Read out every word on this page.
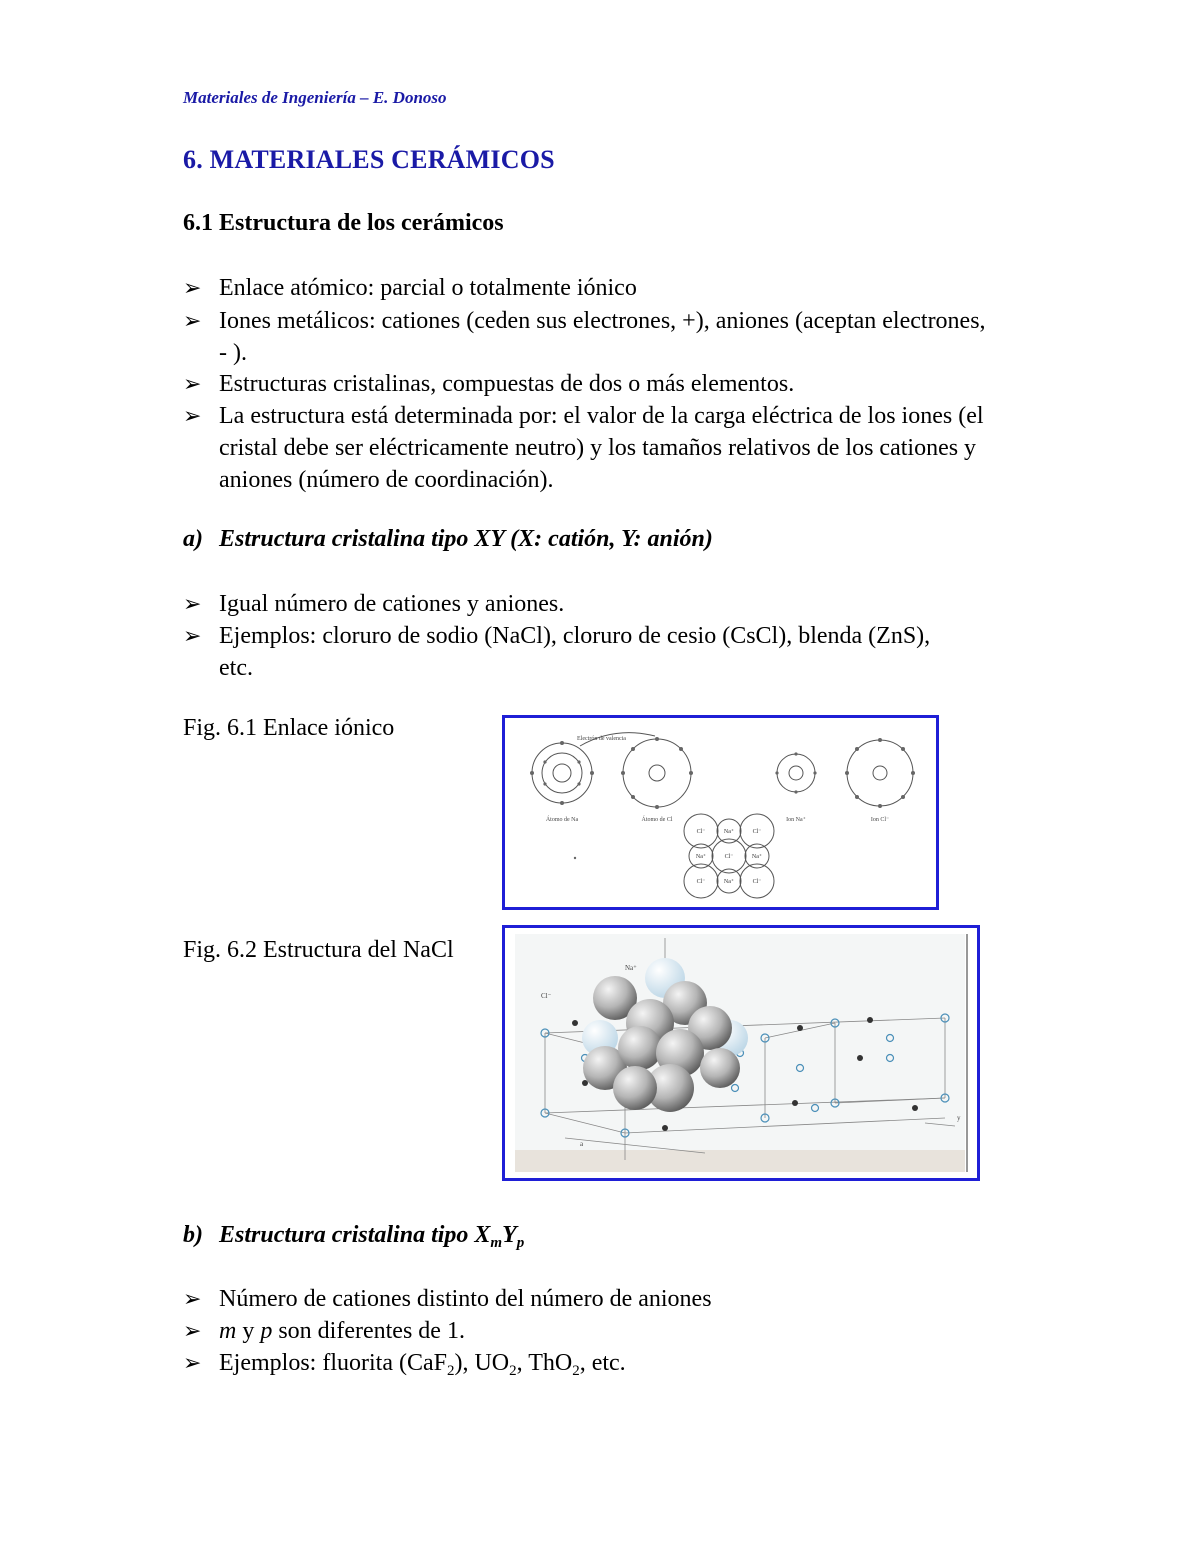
Materiales de Ingeniería – E. Donoso
6. MATERIALES CERÁMICOS
6.1 Estructura de los cerámicos
➢ Enlace atómico: parcial o totalmente iónico
➢ Iones metálicos: cationes (ceden sus electrones, +), aniones (aceptan electrones, - ).
➢ Estructuras cristalinas, compuestas de dos o más elementos.
➢ La estructura está determinada por: el valor de la carga eléctrica de los iones (el cristal debe ser eléctricamente neutro) y los tamaños relativos de los cationes y aniones (número de coordinación).
a) Estructura cristalina tipo XY (X: catión, Y: anión)
➢ Igual número de cationes y aniones.
➢ Ejemplos: cloruro de sodio (NaCl), cloruro de cesio (CsCl), blenda (ZnS), etc.
Fig. 6.1 Enlace iónico	Electrón de valencia
Átomo de Na	Átomo de Cl	Ion Na⁺	Ion Cl⁻
Cl⁻	Na⁺	Cl⁻
Na⁺	Cl⁻	Na⁺
Cl⁻	Na⁺	Cl⁻
Fig. 6.2 Estructura del NaCl
Na⁺
Cl⁻
y
a
b) Estructura cristalina tipo $X_mY_p$
➢ Número de cationes distinto del número de aniones
➢ m y p son diferentes de 1.
➢ Ejemplos: fluorita (CaF$_2$), $UO_2$, ThO$_2$, etc.
